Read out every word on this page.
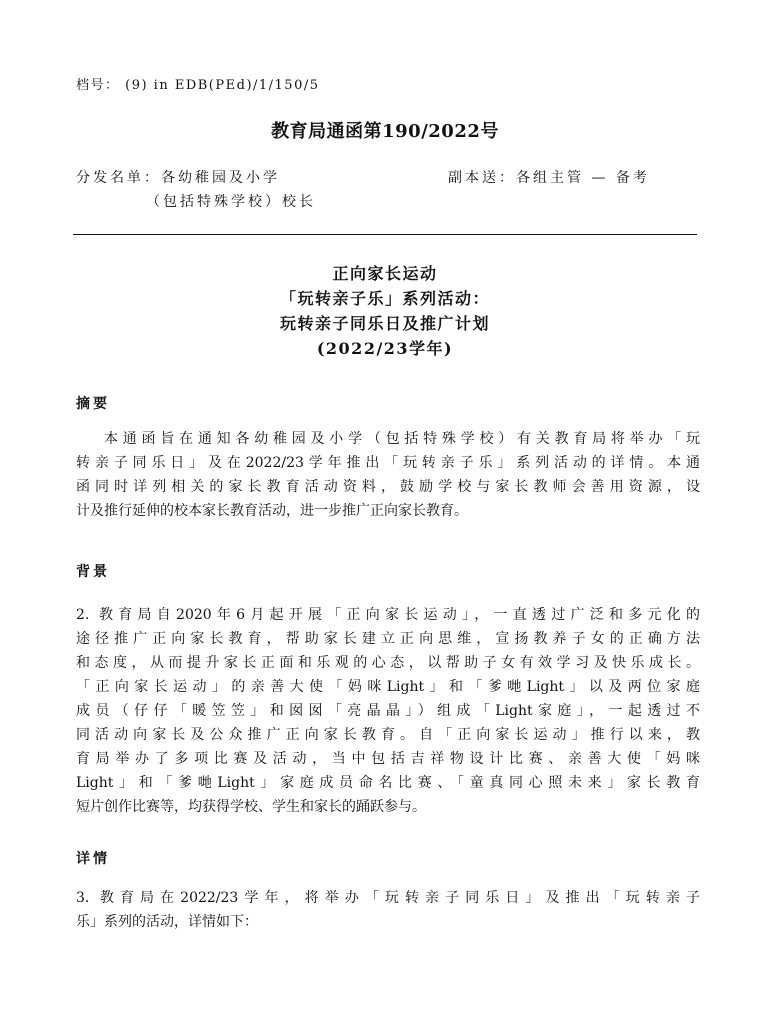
档号： (9) in EDB(PEd)/1/150/5
教育局通函第190/2022号
分发名单：各幼稚园及小学
（包括特殊学校）校长
副本送：各组主管 — 备考
正向家长运动
「玩转亲子乐」系列活动：
玩转亲子同乐日及推广计划
(2022/23学年)
摘要
本通函旨在通知各幼稚园及小学（包括特殊学校）有关教育局将举办「玩
转亲子同乐日」及在2022/23学年推出「玩转亲子乐」系列活动的详情。本通
函同时详列相关的家长教育活动资料，鼓励学校与家长教师会善用资源，设
计及推行延伸的校本家长教育活动，进一步推广正向家长教育。
背景
2. 教育局自2020年6月起开展「正向家长运动」，一直透过广泛和多元化的
途径推广正向家长教育，帮助家长建立正向思维，宣扬教养子女的正确方法
和态度，从而提升家长正面和乐观的心态，以帮助子女有效学习及快乐成长。
「正向家长运动」的亲善大使「妈咪Light」和「爹哋Light」以及两位家庭
成员（仔仔「暖笠笠」和囡囡「亮晶晶」）组成「Light家庭」，一起透过不
同活动向家长及公众推广正向家长教育。自「正向家长运动」推行以来，教
育局举办了多项比赛及活动，当中包括吉祥物设计比赛、亲善大使「妈咪
Light」和「爹哋Light」家庭成员命名比赛、「童真同心照未来」家长教育
短片创作比赛等，均获得学校、学生和家长的踊跃参与。
详情
3. 教育局在2022/23学年，将举办「玩转亲子同乐日」及推出「玩转亲子
乐」系列的活动，详情如下：
